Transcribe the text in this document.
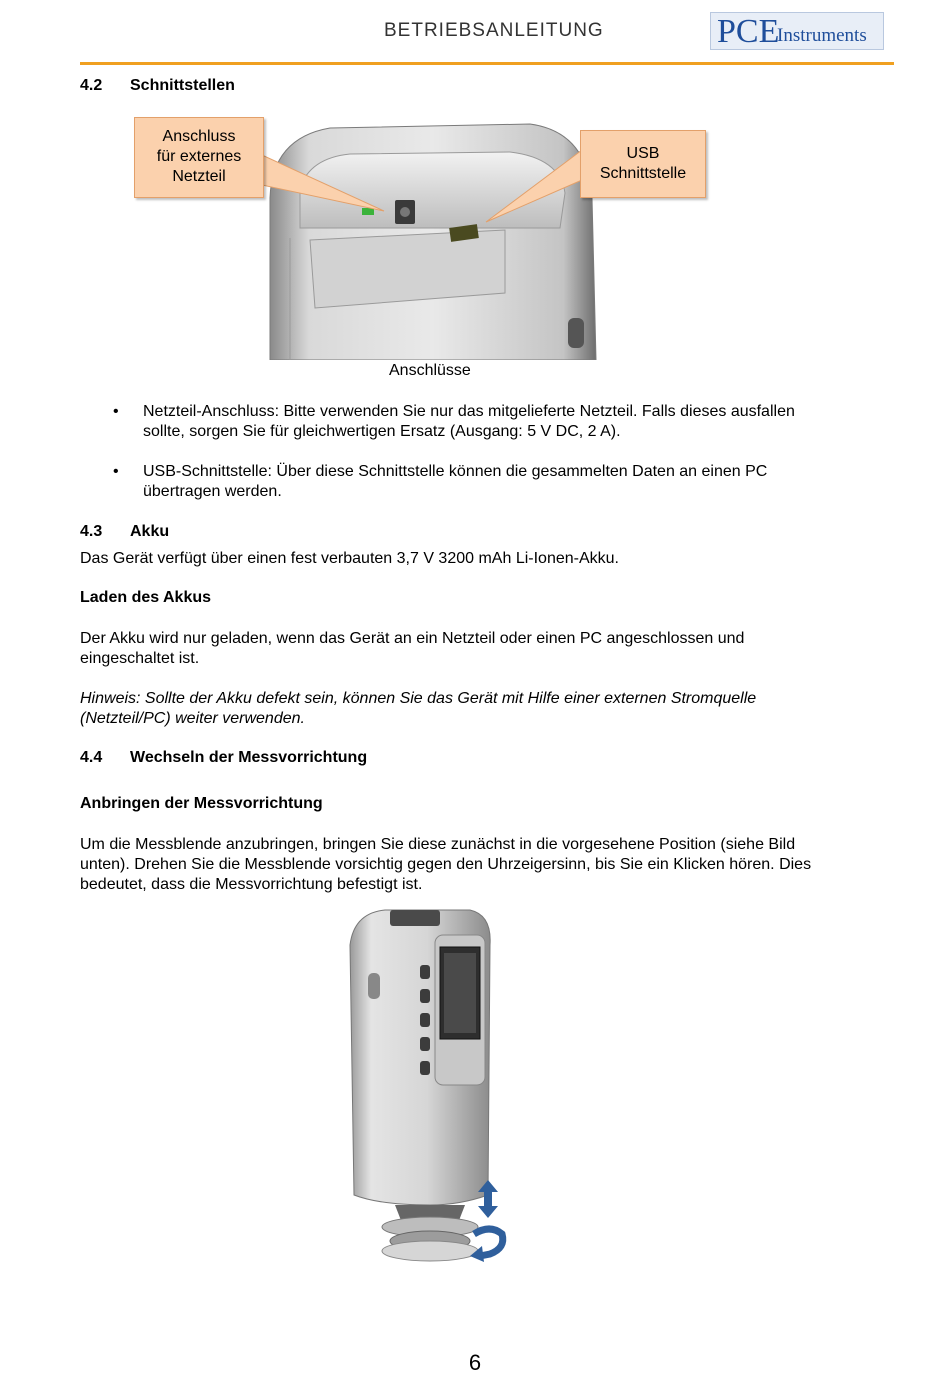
BETRIEBSANLEITUNG	PCE
Instruments
4.2 Schnittstellen
Anschluss
für externes
Netzteil
USB
Schnittstelle
Anschlüsse
• Netzteil-Anschluss: Bitte verwenden Sie nur das mitgelieferte Netzteil. Falls dieses ausfallen
sollte, sorgen Sie für gleichwertigen Ersatz (Ausgang: 5 V DC, 2 A).
• USB-Schnittstelle: Über diese Schnittstelle können die gesammelten Daten an einen PC
übertragen werden.
4.3 Akku
Das Gerät verfügt über einen fest verbauten 3,7 V 3200 mAh Li-Ionen-Akku.
Laden des Akkus
Der Akku wird nur geladen, wenn das Gerät an ein Netzteil oder einen PC angeschlossen und
eingeschaltet ist.
Hinweis: Sollte der Akku defekt sein, können Sie das Gerät mit Hilfe einer externen Stromquelle
(Netzteil/PC) weiter verwenden.
4.4 Wechseln der Messvorrichtung
Anbringen der Messvorrichtung
Um die Messblende anzubringen, bringen Sie diese zunächst in die vorgesehene Position (siehe Bild
unten). Drehen Sie die Messblende vorsichtig gegen den Uhrzeigersinn, bis Sie ein Klicken hören. Dies
bedeutet, dass die Messvorrichtung befestigt ist.
6
